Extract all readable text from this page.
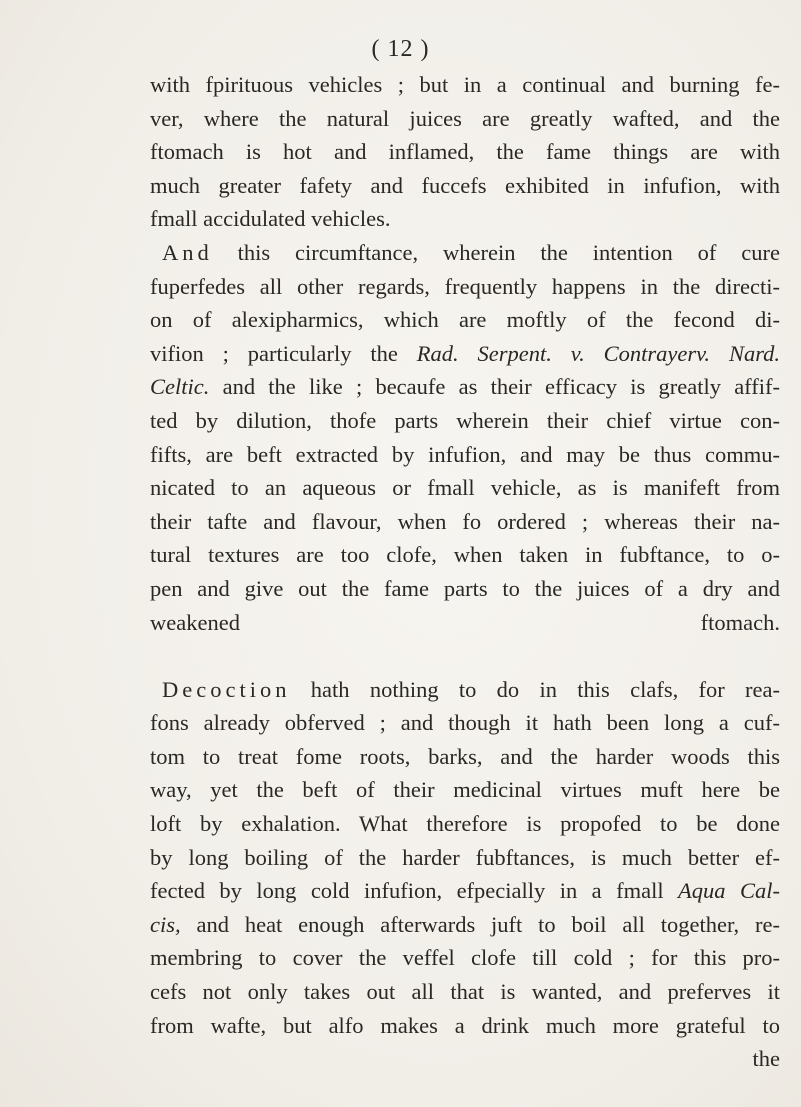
( 12 )
with fpirituous vehicles ; but in a continual and burning fe-
ver, where the natural juices are greatly wafted, and the
ftomach is hot and inflamed, the fame things are with
much greater fafety and fuccefs exhibited in infufion, with
fmall accidulated vehicles.
And this circumftance, wherein the intention of cure
fuperfedes all other regards, frequently happens in the directi-
on of alexipharmics, which are moftly of the fecond di-
vifion ; particularly the Rad. Serpent. v. Contrayerv. Nard.
Celtic. and the like ; becaufe as their efficacy is greatly affif-
ted by dilution, thofe parts wherein their chief virtue con-
fifts, are beft extracted by infufion, and may be thus commu-
nicated to an aqueous or fmall vehicle, as is manifeft from
their tafte and flavour, when fo ordered ; whereas their na-
tural textures are too clofe, when taken in fubftance, to o-
pen and give out the fame parts to the juices of a dry and
weakened ftomach.
Decoction hath nothing to do in this clafs, for rea-
fons already obferved ; and though it hath been long a cuf-
tom to treat fome roots, barks, and the harder woods this
way, yet the beft of their medicinal virtues muft here be
loft by exhalation. What therefore is propofed to be done
by long boiling of the harder fubftances, is much better ef-
fected by long cold infufion, efpecially in a fmall Aqua Cal-
cis, and heat enough afterwards juft to boil all together, re-
membring to cover the veffel clofe till cold ; for this pro-
cefs not only takes out all that is wanted, and preferves it
from wafte, but alfo makes a drink much more grateful to
the
